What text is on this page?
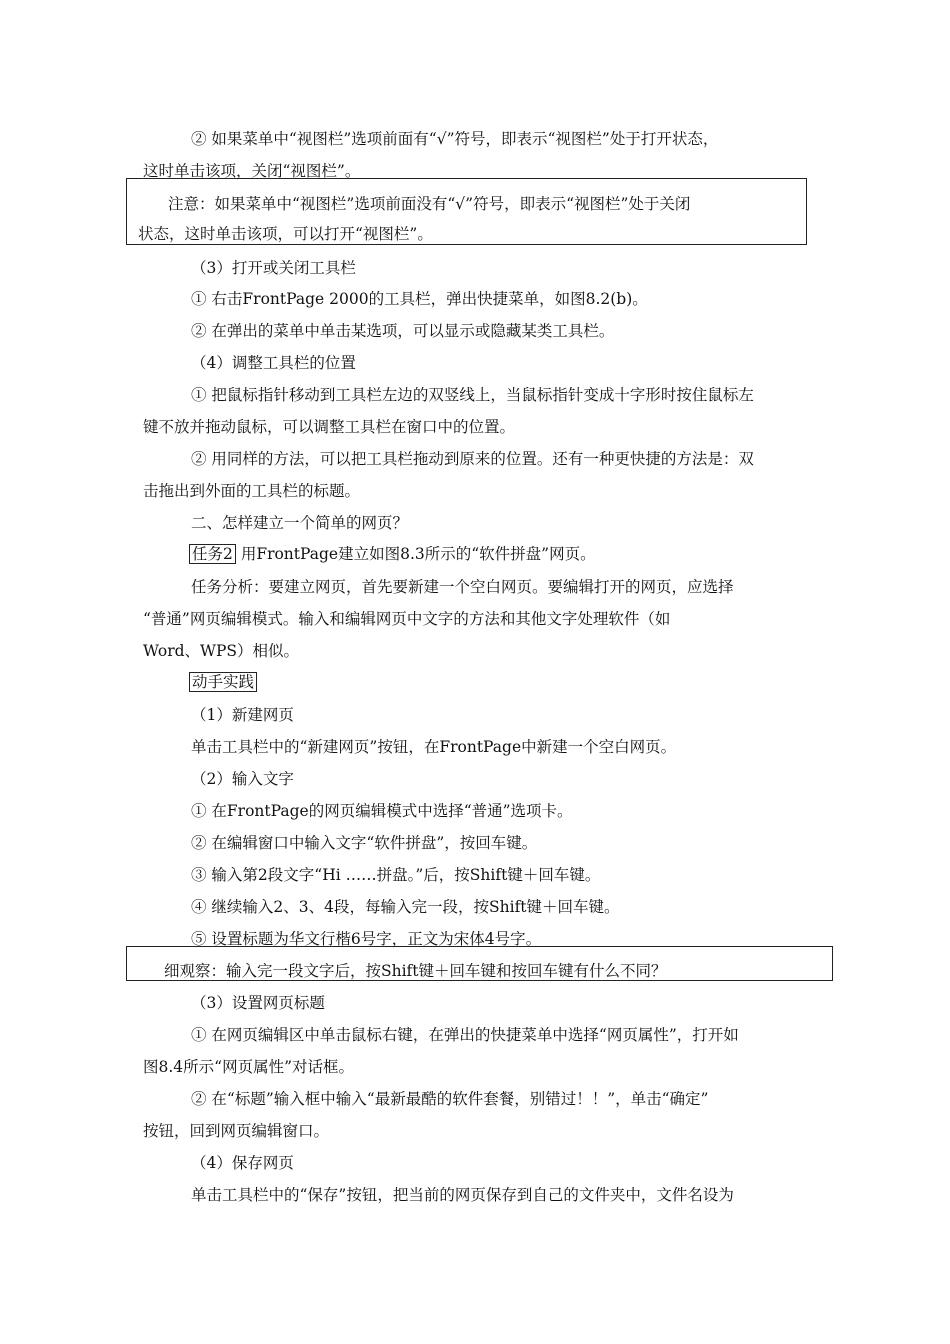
② 如果菜单中“视图栏”选项前面有“√”符号，即表示“视图栏”处于打开状态，
这时单击该项，关闭“视图栏”。
注意：如果菜单中“视图栏”选项前面没有“√”符号，即表示“视图栏”处于关闭
状态，这时单击该项，可以打开“视图栏”。
（3）打开或关闭工具栏
① 右击FrontPage 2000的工具栏，弹出快捷菜单，如图8.2(b)。
② 在弹出的菜单中单击某选项，可以显示或隐藏某类工具栏。
（4）调整工具栏的位置
① 把鼠标指针移动到工具栏左边的双竖线上，当鼠标指针变成十字形时按住鼠标左
键不放并拖动鼠标，可以调整工具栏在窗口中的位置。
② 用同样的方法，可以把工具栏拖动到原来的位置。还有一种更快捷的方法是：双
击拖出到外面的工具栏的标题。
二、怎样建立一个简单的网页？
任务2 用FrontPage建立如图8.3所示的“软件拼盘”网页。
任务分析：要建立网页，首先要新建一个空白网页。要编辑打开的网页，应选择
“普通”网页编辑模式。输入和编辑网页中文字的方法和其他文字处理软件（如
Word、WPS）相似。
动手实践
（1）新建网页
单击工具栏中的“新建网页”按钮，在FrontPage中新建一个空白网页。
（2）输入文字
① 在FrontPage的网页编辑模式中选择“普通”选项卡。
② 在编辑窗口中输入文字“软件拼盘”，按回车键。
③ 输入第2段文字“Hi ……拼盘。”后，按Shift键＋回车键。
④ 继续输入2、3、4段，每输入完一段，按Shift键＋回车键。
⑤ 设置标题为华文行楷6号字，正文为宋体4号字。
细观察：输入完一段文字后，按Shift键＋回车键和按回车键有什么不同？
（3）设置网页标题
① 在网页编辑区中单击鼠标右键，在弹出的快捷菜单中选择“网页属性”，打开如
图8.4所示“网页属性”对话框。
② 在“标题”输入框中输入“最新最酷的软件套餐，别错过！！”，单击“确定”
按钮，回到网页编辑窗口。
（4）保存网页
单击工具栏中的“保存”按钮，把当前的网页保存到自己的文件夹中，文件名设为
